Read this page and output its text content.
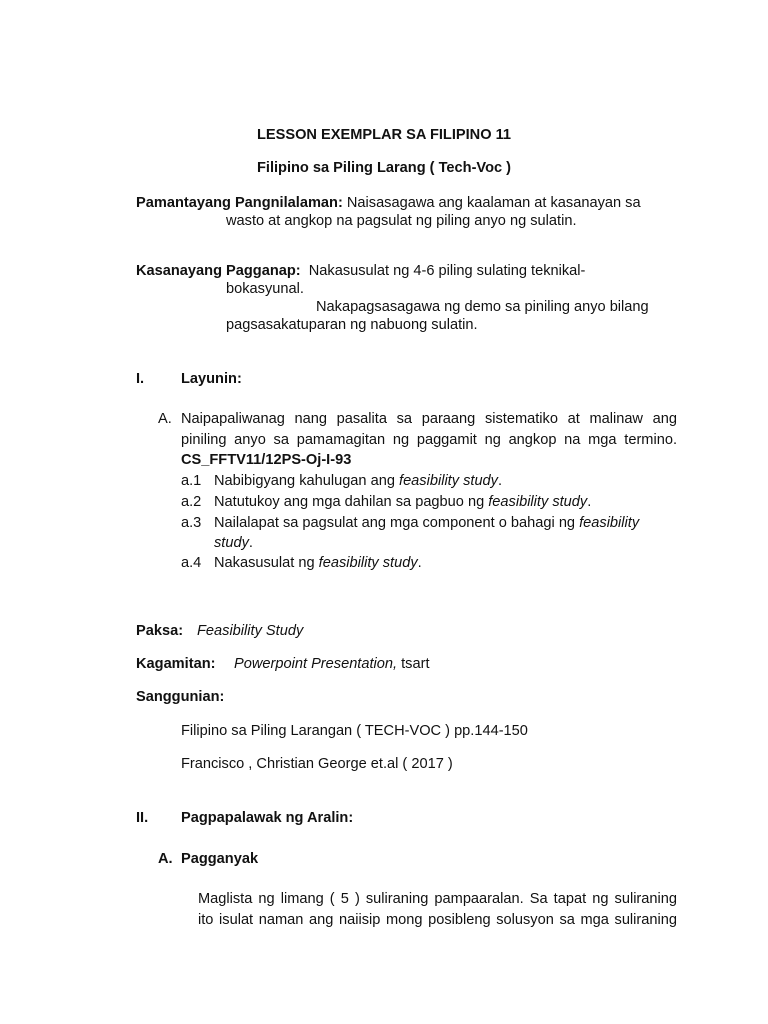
LESSON EXEMPLAR SA FILIPINO 11
Filipino sa Piling Larang ( Tech-Voc )
Pamantayang Pangnilalaman: Naisasagawa ang kaalaman at kasanayan sa
wasto at angkop na pagsulat ng piling anyo ng sulatin.
Kasanayang Pagganap: Nakasusulat ng 4-6 piling sulating teknikal-
bokasyunal.
Nakapagsasagawa ng demo sa piniling anyo bilang
pagsasakatuparan ng nabuong sulatin.
I.	Layunin:
A. Naipapaliwanag nang pasalita sa paraang sistematiko at malinaw ang
piniling anyo sa pamamagitan ng paggamit ng angkop na mga termino.
CS_FFTV11/12PS-Oj-I-93
a.1 Nabibigyang kahulugan ang feasibility study.
a.2 Natutukoy ang mga dahilan sa pagbuo ng feasibility study.
a.3 Nailalapat sa pagsulat ang mga component o bahagi ng feasibility
study.
a.4 Nakasusulat ng feasibility study.
Paksa: Feasibility Study
Kagamitan: Powerpoint Presentation, tsart
Sanggunian:
Filipino sa Piling Larangan ( TECH-VOC ) pp.144-150
Francisco , Christian George et.al ( 2017 )
II. Pagpapalawak ng Aralin:
A. Pagganyak
Maglista ng limang ( 5 ) suliraning pampaaralan. Sa tapat ng suliraning
ito isulat naman ang naiisip mong posibleng solusyon sa mga suliraning
